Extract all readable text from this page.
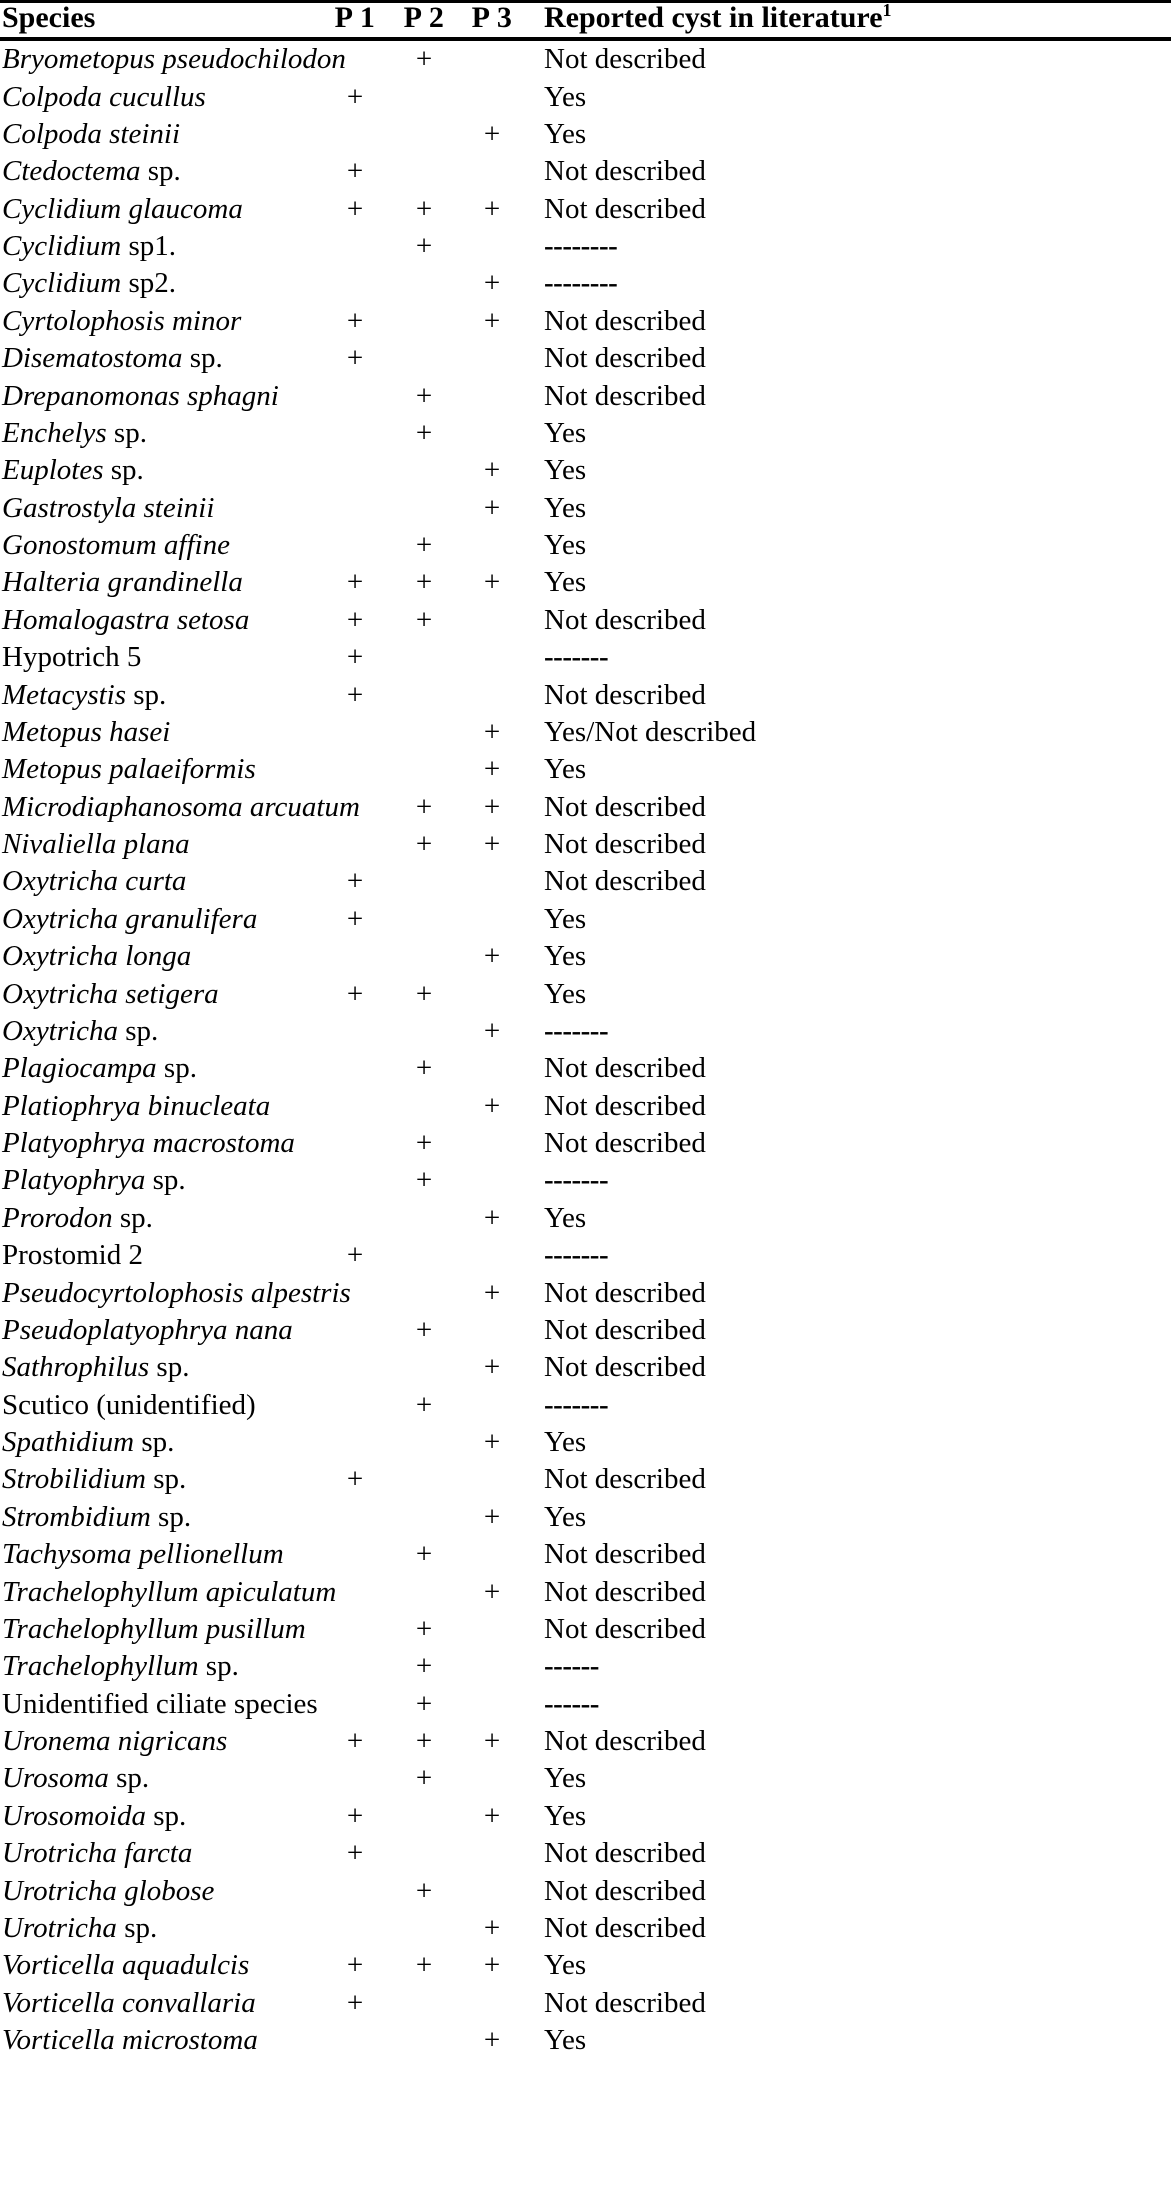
Species	P 1	P 2	P 3	Reported cyst in literature$^1$
Bryometopus pseudochilodon		+		Not described
Colpoda cucullus	+			Yes
Colpoda steinii			+	Yes
Ctedoctema sp.	+			Not described
Cyclidium glaucoma	+	+	+	Not described
Cyclidium sp1.		+		--------
Cyclidium sp2.			+	--------
Cyrtolophosis minor	+		+	Not described
Disematostoma sp.	+			Not described
Drepanomonas sphagni		+		Not described
Enchelys sp.		+		Yes
Euplotes sp.			+	Yes
Gastrostyla steinii			+	Yes
Gonostomum affine		+		Yes
Halteria grandinella	+	+	+	Yes
Homalogastra setosa	+	+		Not described
Hypotrich 5	+			-------
Metacystis sp.	+			Not described
Metopus hasei			+	Yes/Not described
Metopus palaeiformis			+	Yes
Microdiaphanosoma arcuatum		+	+	Not described
Nivaliella plana		+	+	Not described
Oxytricha curta	+			Not described
Oxytricha granulifera	+			Yes
Oxytricha longa			+	Yes
Oxytricha setigera	+	+		Yes
Oxytricha sp.			+	-------
Plagiocampa sp.		+		Not described
Platiophrya binucleata			+	Not described
Platyophrya macrostoma		+		Not described
Platyophrya sp.		+		-------
Prorodon sp.			+	Yes
Prostomid 2	+			-------
Pseudocyrtolophosis alpestris			+	Not described
Pseudoplatyophrya nana		+		Not described
Sathrophilus sp.			+	Not described
Scutico (unidentified)		+		-------
Spathidium sp.			+	Yes
Strobilidium sp.	+			Not described
Strombidium sp.			+	Yes
Tachysoma pellionellum		+		Not described
Trachelophyllum apiculatum			+	Not described
Trachelophyllum pusillum		+		Not described
Trachelophyllum sp.		+		------
Unidentified ciliate species		+		------
Uronema nigricans	+	+	+	Not described
Urosoma sp.		+		Yes
Urosomoida sp.	+		+	Yes
Urotricha farcta	+			Not described
Urotricha globose		+		Not described
Urotricha sp.			+	Not described
Vorticella aquadulcis	+	+	+	Yes
Vorticella convallaria	+			Not described
Vorticella microstoma			+	Yes
